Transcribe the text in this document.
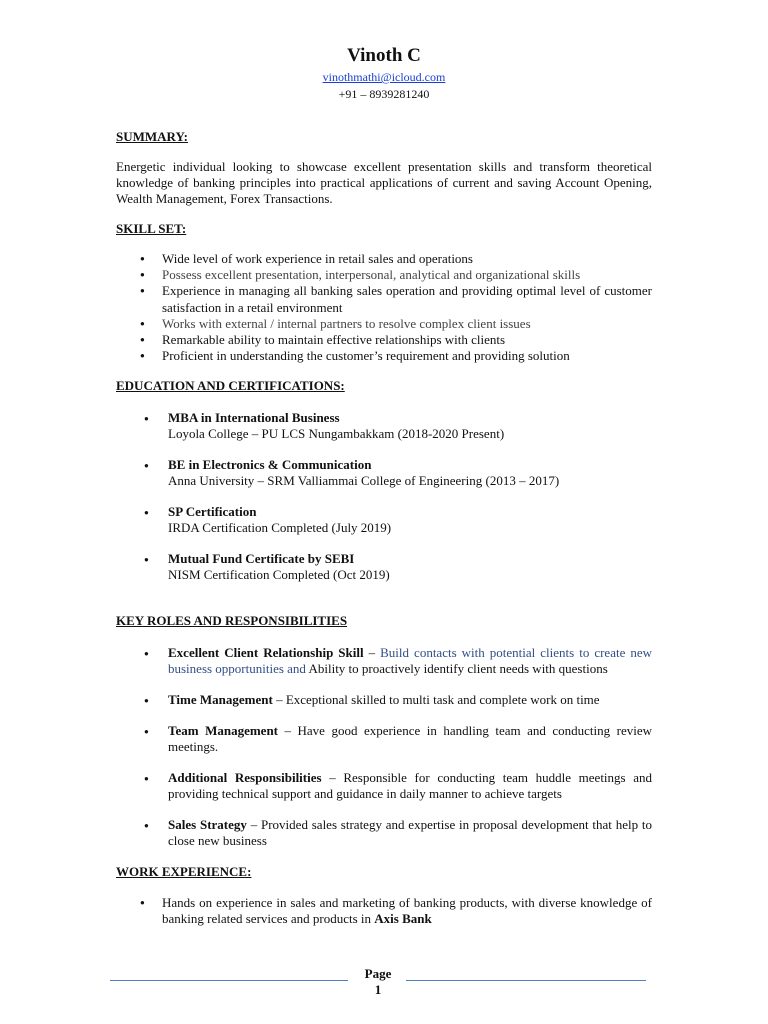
Vinoth C
vinothmathi@icloud.com
+91 – 8939281240
SUMMARY:

Energetic individual looking to showcase excellent presentation skills and transform theoretical knowledge of banking principles into practical applications of current and saving Account Opening, Wealth Management, Forex Transactions.

SKILL SET:
● Wide level of work experience in retail sales and operations
● Possess excellent presentation, interpersonal, analytical and organizational skills
● Experience in managing all banking sales operation and providing optimal level of customer satisfaction in a retail environment
● Works with external / internal partners to resolve complex client issues
● Remarkable ability to maintain effective relationships with clients
● Proficient in understanding the customer’s requirement and providing solution
EDUCATION AND CERTIFICATIONS:
● MBA in International Business
Loyola College – PU LCS Nungambakkam (2018-2020 Present)
● BE in Electronics & Communication
Anna University – SRM Valliammai College of Engineering (2013 – 2017)
● SP Certification
IRDA Certification Completed (July 2019)
● Mutual Fund Certificate by SEBI
NISM Certification Completed (Oct 2019)
KEY ROLES AND RESPONSIBILITIES
● Excellent Client Relationship Skill – Build contacts with potential clients to create new business opportunities and Ability to proactively identify client needs with questions
● Time Management – Exceptional skilled to multi task and complete work on time
● Team Management – Have good experience in handling team and conducting review meetings.
● Additional Responsibilities – Responsible for conducting team huddle meetings and providing technical support and guidance in daily manner to achieve targets
● Sales Strategy – Provided sales strategy and expertise in proposal development that help to close new business
WORK EXPERIENCE:
● Hands on experience in sales and marketing of banking products, with diverse knowledge of banking related services and products in Axis Bank
Page
1
